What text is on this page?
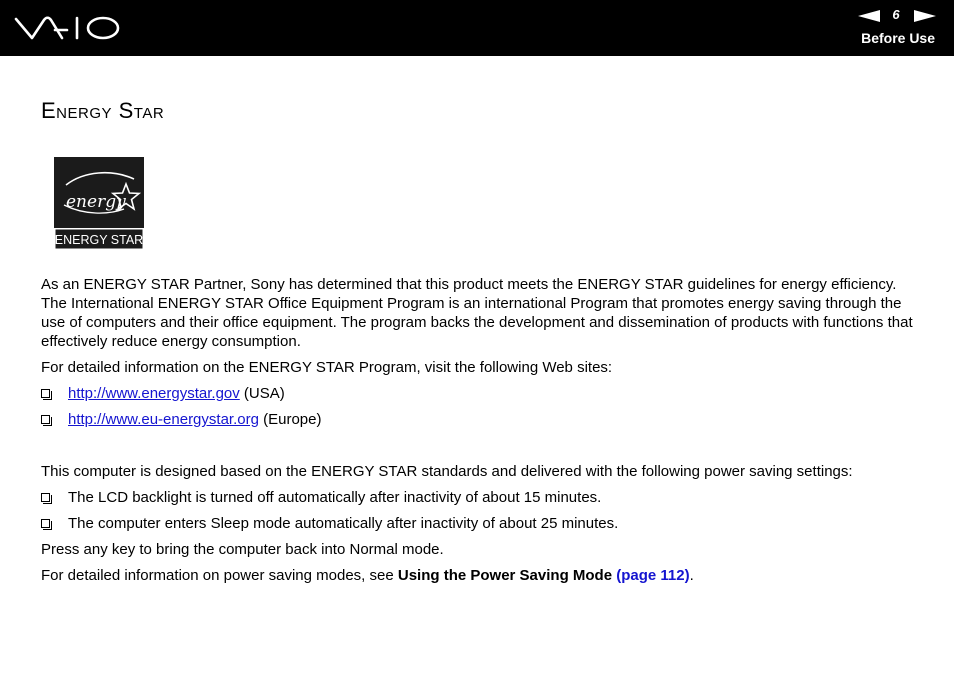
6
Before Use
Energy Star
energy
ENERGY STAR

As an ENERGY STAR Partner, Sony has determined that this product meets the ENERGY STAR guidelines for energy efficiency.

The International ENERGY STAR Office Equipment Program is an international Program that promotes energy saving through the use of computers and their office equipment. The program backs the development and dissemination of products with functions that effectively reduce energy consumption.

For detailed information on the ENERGY STAR Program, visit the following Web sites:

http://www.energystar.gov (USA)
http://www.eu-energystar.org (Europe)

This computer is designed based on the ENERGY STAR standards and delivered with the following power saving settings:

The LCD backlight is turned off automatically after inactivity of about 15 minutes.
The computer enters Sleep mode automatically after inactivity of about 25 minutes.

Press any key to bring the computer back into Normal mode.

For detailed information on power saving modes, see Using the Power Saving Mode (page 112).
